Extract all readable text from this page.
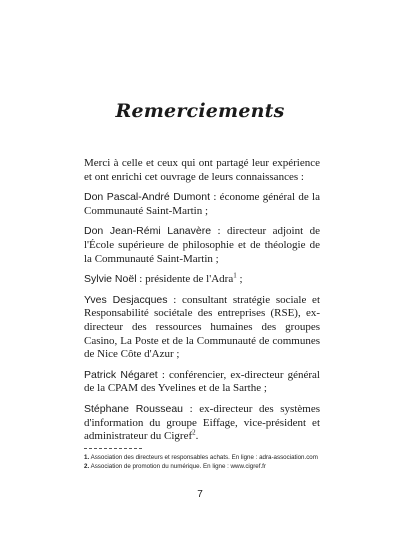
Remerciements

Merci à celle et ceux qui ont partagé leur expérience et ont enrichi cet ouvrage de leurs connaissances :

Don Pascal-André Dumont : économe général de la Communauté Saint-Martin ;

Don Jean-Rémi Lanavère : directeur adjoint de l'École supérieure de philosophie et de théologie de la Communauté Saint-Martin ;

Sylvie Noël : présidente de l'Adra$^1$ ;

Yves Desjacques : consultant stratégie sociale et Responsabilité sociétale des entreprises (RSE), ex-directeur des ressources humaines des groupes Casino, La Poste et de la Communauté de communes de Nice Côte d'Azur ;

Patrick Négaret : conférencier, ex-directeur général de la CPAM des Yvelines et de la Sarthe ;

Stéphane Rousseau : ex-directeur des systèmes d'information du groupe Eiffage, vice-président et administrateur du Cigref$^2$.

1. Association des directeurs et responsables achats. En ligne : adra-association.com
2. Association de promotion du numérique. En ligne : www.cigref.fr
7
